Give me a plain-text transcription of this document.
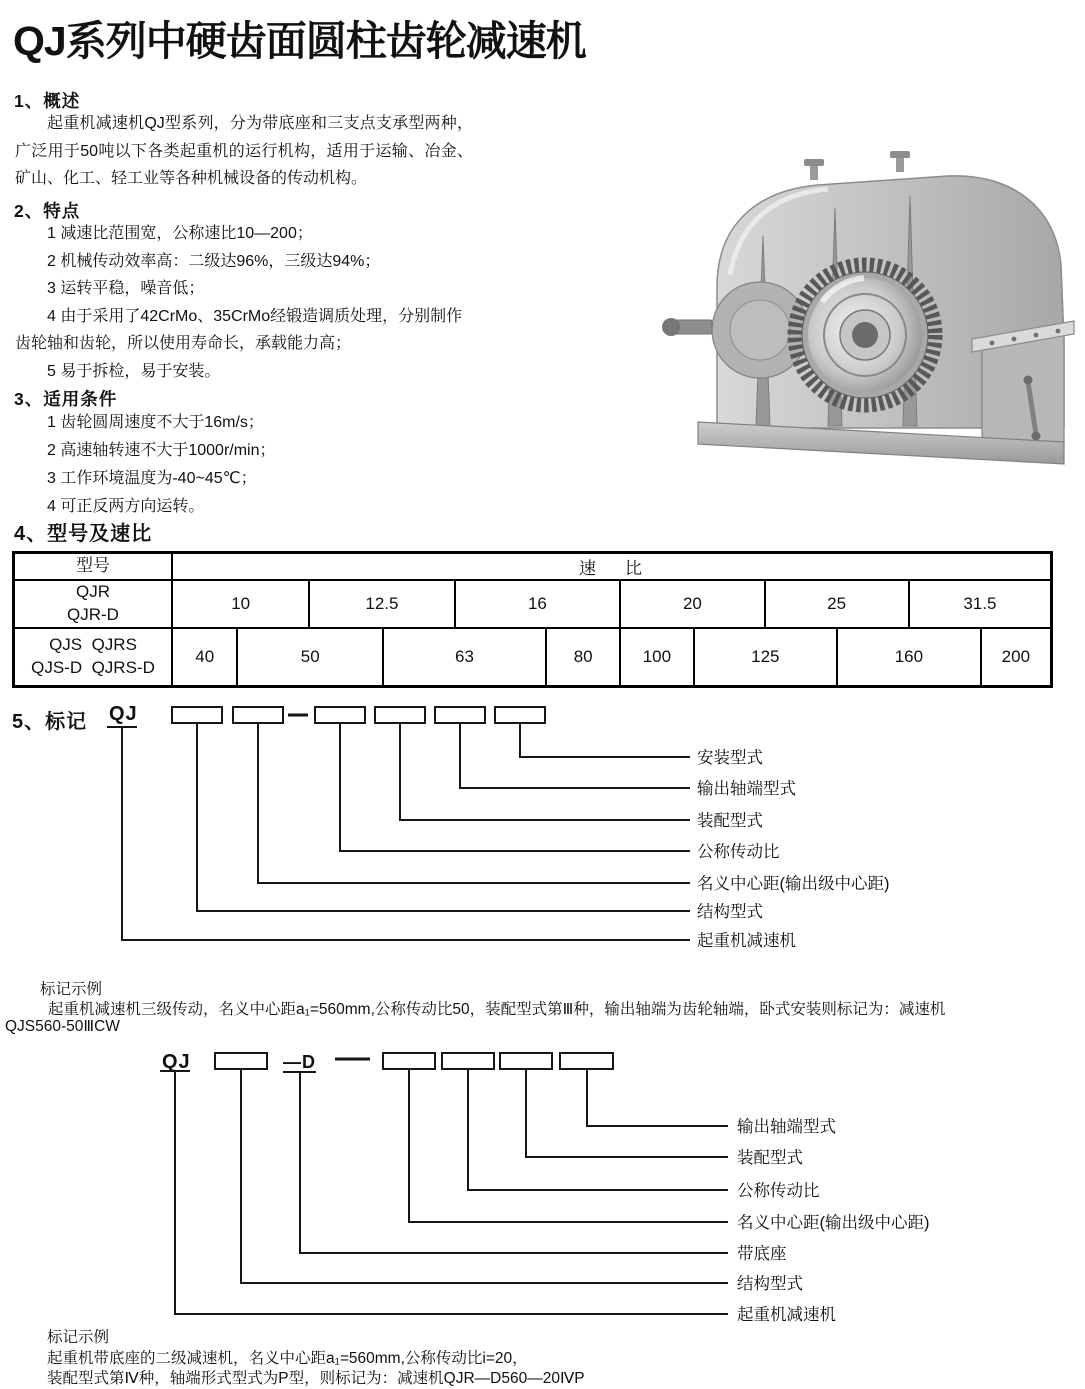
QJ系列中硬齿面圆柱齿轮减速机
1、概述
起重机减速机QJ型系列，分为带底座和三支点支承型两种，广泛用于50吨以下各类起重机的运行机构，适用于运输、冶金、矿山、化工、轻工业等各种机械设备的传动机构。
2、特点

1 减速比范围宽，公称速比10—200；

2 机械传动效率高：二级达96%，三级达94%；

3 运转平稳，噪音低；

4 由于采用了42CrMo、35CrMo经锻造调质处理，分别制作齿轮轴和齿轮，所以使用寿命长，承载能力高；

5 易于拆检，易于安装。

3、适用条件

1 齿轮圆周速度不大于16m/s；

2 高速轴转速不大于1000r/min；

3 工作环境温度为-40~45℃；

4 可正反两方向运转。

4、型号及速比
型号	速    比
QJR
QJR-D
10	12.5	16	20	25	31.5
QJS  QJRS
QJS-D  QJRS-D
40	50	63	80	100	125	160	200
5、标记 QJ
安装型式
输出轴端型式
装配型式
公称传动比
名义中心距(输出级中心距)
结构型式
起重机减速机
标记示例
起重机减速机三级传动，名义中心距a₁=560mm,公称传动比50，装配型式第Ⅲ种，输出轴端为齿轮轴端，卧式安装则标记为：减速机
QJS560-50ⅢCW
QJ	—D
输出轴端型式
装配型式
公称传动比
名义中心距(输出级中心距)
带底座
结构型式
起重机减速机
标记示例
起重机带底座的二级减速机，名义中心距a₁=560mm,公称传动比i=20，
装配型式第Ⅳ种，轴端形式型式为P型，则标记为：减速机QJR—D560—20ⅣP
